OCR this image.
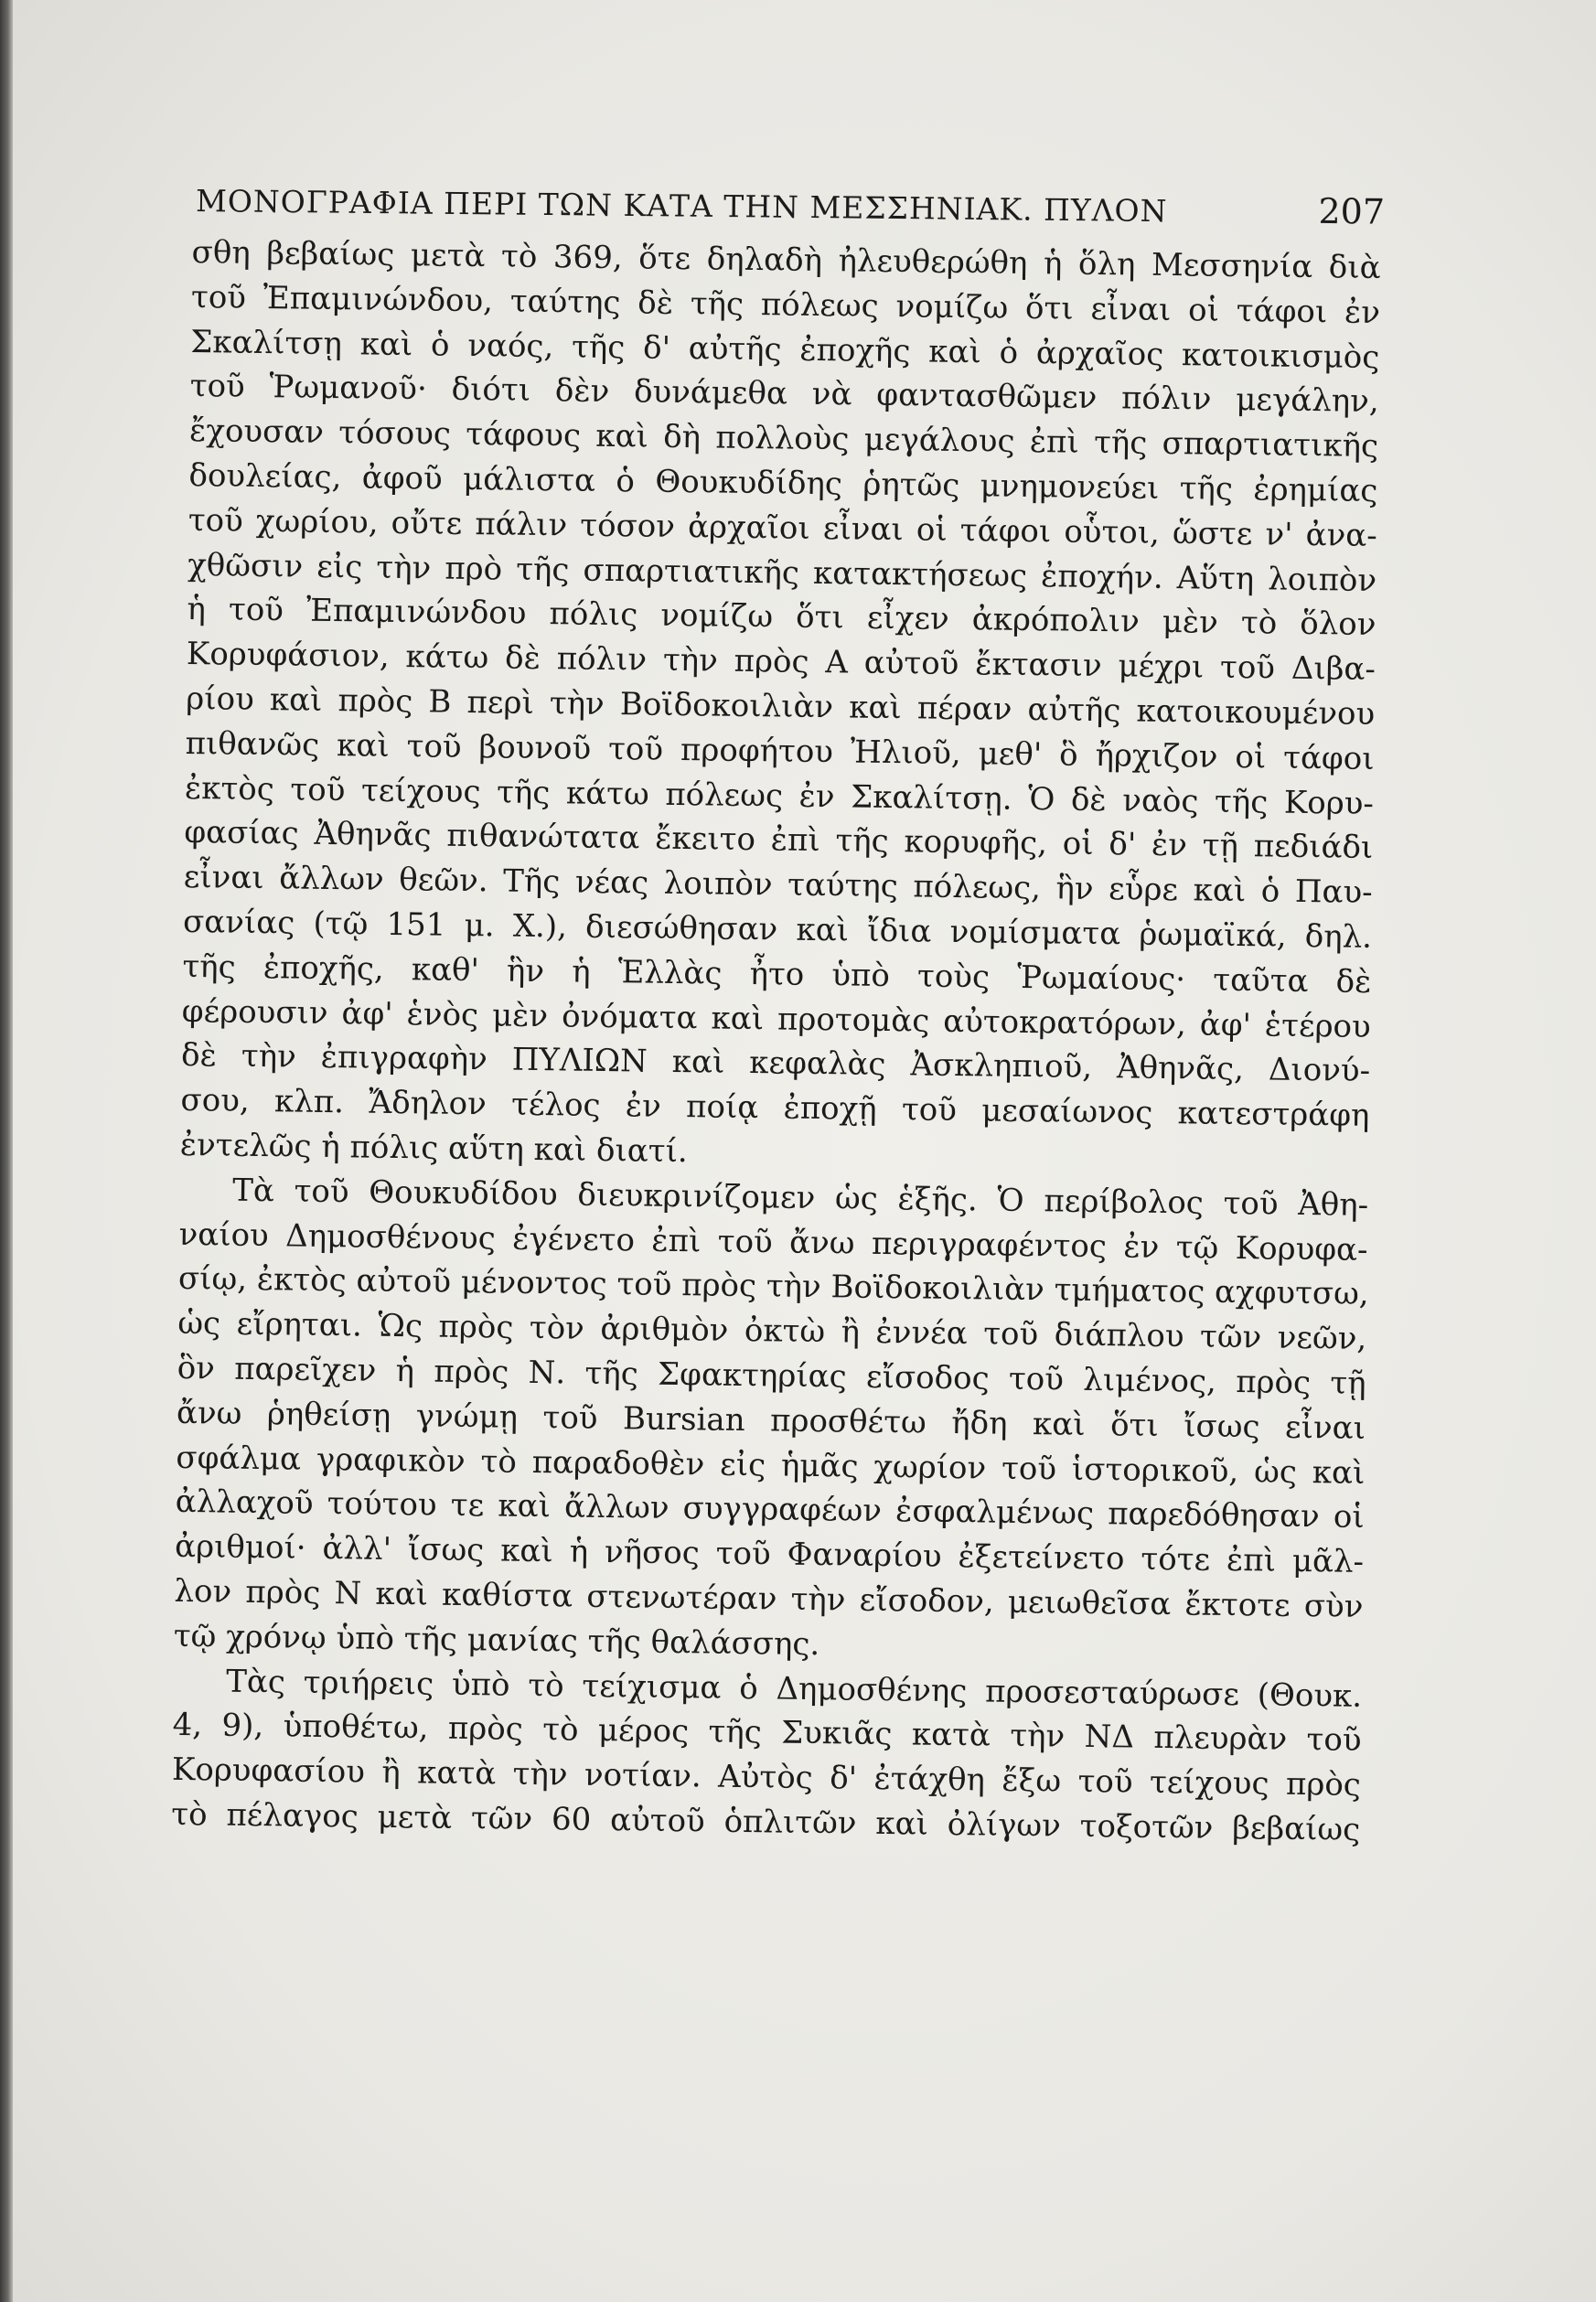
ΜΟΝΟΓΡΑΦΙΑ ΠΕΡΙ ΤΩΝ ΚΑΤΑ ΤΗΝ ΜΕΣΣΗΝΙΑΚ. ΠΥΛΟΝ	207
σθη βεβαίως μετὰ τὸ 369, ὅτε δηλαδὴ ἠλευθερώθη ἡ ὅλη Μεσσηνία διὰ
τοῦ Ἐπαμινώνδου, ταύτης δὲ τῆς πόλεως νομίζω ὅτι εἶναι οἱ τάφοι ἐν
Σκαλίτσῃ καὶ ὁ ναός, τῆς δ' αὐτῆς ἐποχῆς καὶ ὁ ἀρχαῖος κατοικισμὸς
τοῦ Ῥωμανοῦ· διότι δὲν δυνάμεθα νὰ φαντασθῶμεν πόλιν μεγάλην,
ἔχουσαν τόσους τάφους καὶ δὴ πολλοὺς μεγάλους ἐπὶ τῆς σπαρτιατικῆς
δουλείας, ἀφοῦ μάλιστα ὁ Θουκυδίδης ῥητῶς μνημονεύει τῆς ἐρημίας
τοῦ χωρίου, οὔτε πάλιν τόσον ἀρχαῖοι εἶναι οἱ τάφοι οὗτοι, ὥστε ν' ἀνα-
χθῶσιν εἰς τὴν πρὸ τῆς σπαρτιατικῆς κατακτήσεως ἐποχήν. Αὕτη λοιπὸν
ἡ τοῦ Ἐπαμινώνδου πόλις νομίζω ὅτι εἶχεν ἀκρόπολιν μὲν τὸ ὅλον
Κορυφάσιον, κάτω δὲ πόλιν τὴν πρὸς Α αὐτοῦ ἔκτασιν μέχρι τοῦ Διβα-
ρίου καὶ πρὸς Β περὶ τὴν Βοϊδοκοιλιὰν καὶ πέραν αὐτῆς κατοικουμένου
πιθανῶς καὶ τοῦ βουνοῦ τοῦ προφήτου Ἠλιοῦ, μεθ' ὃ ἤρχιζον οἱ τάφοι
ἐκτὸς τοῦ τείχους τῆς κάτω πόλεως ἐν Σκαλίτσῃ. Ὁ δὲ ναὸς τῆς Κορυ-
φασίας Ἀθηνᾶς πιθανώτατα ἔκειτο ἐπὶ τῆς κορυφῆς, οἱ δ' ἐν τῇ πεδιάδι
εἶναι ἄλλων θεῶν. Τῆς νέας λοιπὸν ταύτης πόλεως, ἣν εὗρε καὶ ὁ Παυ-
σανίας (τῷ 151 μ. Χ.), διεσώθησαν καὶ ἴδια νομίσματα ῥωμαϊκά, δηλ.
τῆς ἐποχῆς, καθ' ἣν ἡ Ἑλλὰς ἦτο ὑπὸ τοὺς Ῥωμαίους· ταῦτα δὲ
φέρουσιν ἀφ' ἑνὸς μὲν ὀνόματα καὶ προτομὰς αὐτοκρατόρων, ἀφ' ἑτέρου
δὲ τὴν ἐπιγραφὴν ΠΥΛΙΩΝ καὶ κεφαλὰς Ἀσκληπιοῦ, Ἀθηνᾶς, Διονύ-
σου, κλπ. Ἄδηλον τέλος ἐν ποίᾳ ἐποχῇ τοῦ μεσαίωνος κατεστράφη
ἐντελῶς ἡ πόλις αὕτη καὶ διατί.
Τὰ τοῦ Θουκυδίδου διευκρινίζομεν ὡς ἑξῆς. Ὁ περίβολος τοῦ Ἀθη-
ναίου Δημοσθένους ἐγένετο ἐπὶ τοῦ ἄνω περιγραφέντος ἐν τῷ Κορυφα-
σίῳ, ἐκτὸς αὐτοῦ μένοντος τοῦ πρὸς τὴν Βοϊδοκοιλιὰν τμήματος αχφυτσω,
ὡς εἴρηται. Ὡς πρὸς τὸν ἀριθμὸν ὀκτὼ ἢ ἐννέα τοῦ διάπλου τῶν νεῶν,
ὃν παρεῖχεν ἡ πρὸς Ν. τῆς Σφακτηρίας εἴσοδος τοῦ λιμένος, πρὸς τῇ
ἄνω ῥηθείσῃ γνώμῃ τοῦ Bursian προσθέτω ἤδη καὶ ὅτι ἴσως εἶναι
σφάλμα γραφικὸν τὸ παραδοθὲν εἰς ἡμᾶς χωρίον τοῦ ἱστορικοῦ, ὡς καὶ
ἀλλαχοῦ τούτου τε καὶ ἄλλων συγγραφέων ἐσφαλμένως παρεδόθησαν οἱ
ἀριθμοί· ἀλλ' ἴσως καὶ ἡ νῆσος τοῦ Φαναρίου ἐξετείνετο τότε ἐπὶ μᾶλ-
λον πρὸς Ν καὶ καθίστα στενωτέραν τὴν εἴσοδον, μειωθεῖσα ἔκτοτε σὺν
τῷ χρόνῳ ὑπὸ τῆς μανίας τῆς θαλάσσης.
Τὰς τριήρεις ὑπὸ τὸ τείχισμα ὁ Δημοσθένης προσεσταύρωσε (Θουκ.
4, 9), ὑποθέτω, πρὸς τὸ μέρος τῆς Συκιᾶς κατὰ τὴν ΝΔ πλευρὰν τοῦ
Κορυφασίου ἢ κατὰ τὴν νοτίαν. Αὐτὸς δ' ἐτάχθη ἔξω τοῦ τείχους πρὸς
τὸ πέλαγος μετὰ τῶν 60 αὐτοῦ ὁπλιτῶν καὶ ὀλίγων τοξοτῶν βεβαίως
